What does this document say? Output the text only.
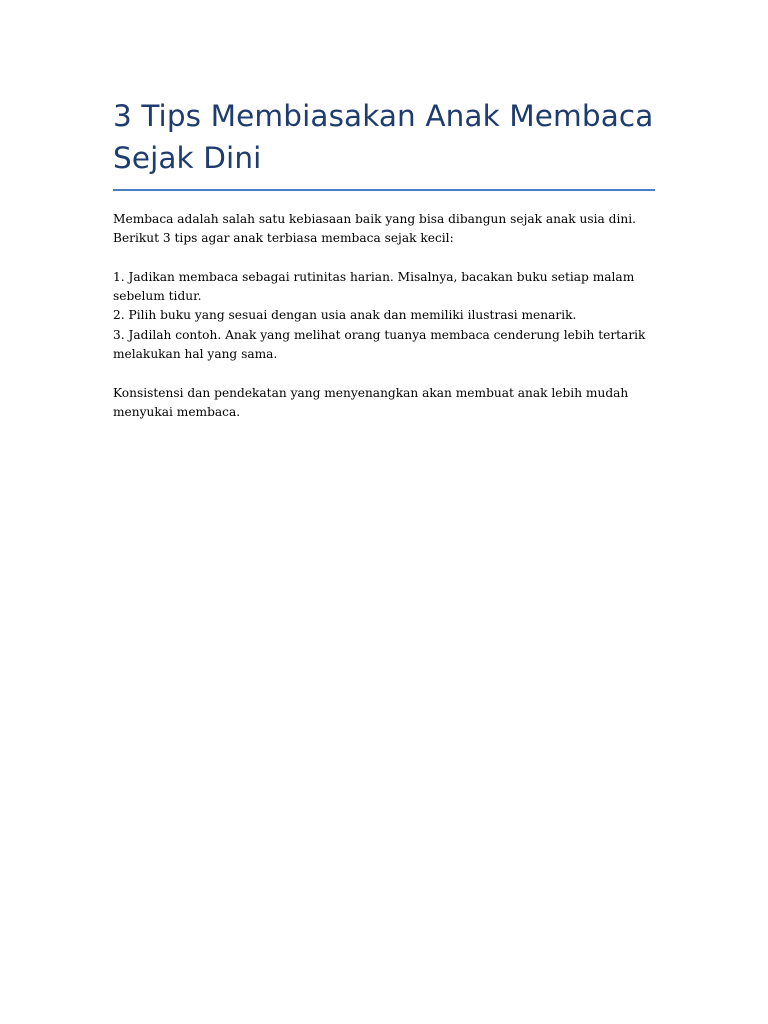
3 Tips Membiasakan Anak Membaca
Sejak Dini

Membaca adalah salah satu kebiasaan baik yang bisa dibangun sejak anak usia dini. Berikut 3 tips agar anak terbiasa membaca sejak kecil:

1. Jadikan membaca sebagai rutinitas harian. Misalnya, bacakan buku setiap malam sebelum tidur.

2. Pilih buku yang sesuai dengan usia anak dan memiliki ilustrasi menarik.

3. Jadilah contoh. Anak yang melihat orang tuanya membaca cenderung lebih tertarik melakukan hal yang sama.

Konsistensi dan pendekatan yang menyenangkan akan membuat anak lebih mudah menyukai membaca.
